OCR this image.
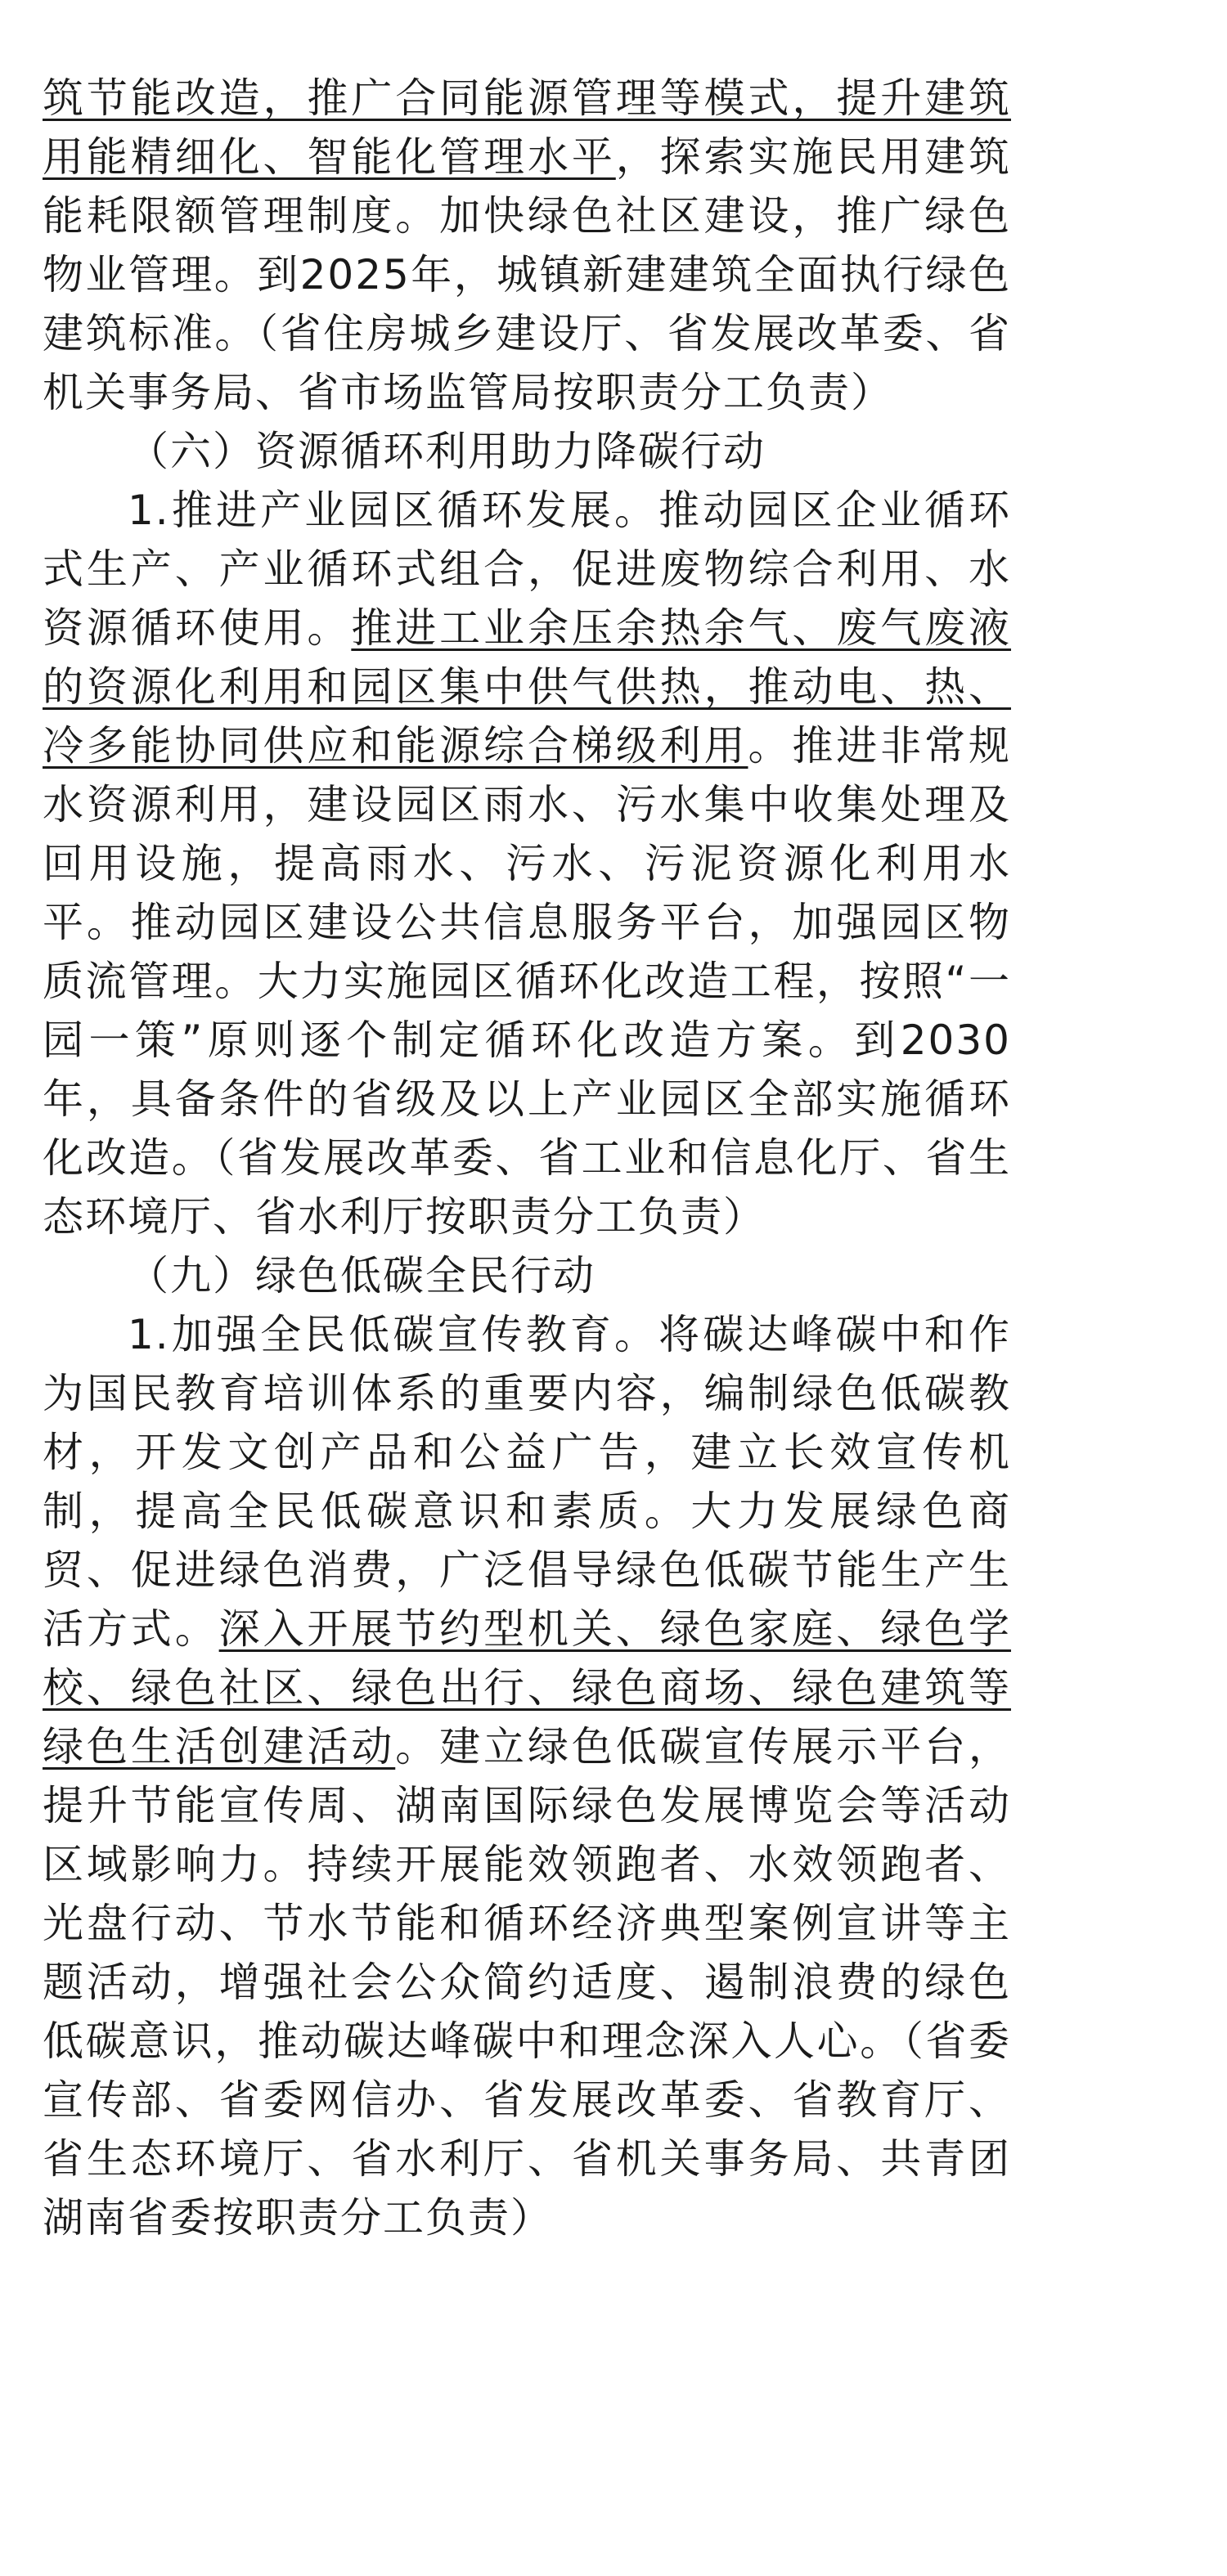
筑节能改造，推广合同能源管理等模式，提升建筑用能精细化、智能化管理水平，探索实施民用建筑能耗限额管理制度。加快绿色社区建设，推广绿色物业管理。到2025年，城镇新建建筑全面执行绿色建筑标准。（省住房城乡建设厅、省发展改革委、省机关事务局、省市场监管局按职责分工负责）

（六）资源循环利用助力降碳行动

1.推进产业园区循环发展。推动园区企业循环式生产、产业循环式组合，促进废物综合利用、水资源循环使用。推进工业余压余热余气、废气废液的资源化利用和园区集中供气供热，推动电、热、冷多能协同供应和能源综合梯级利用。推进非常规水资源利用，建设园区雨水、污水集中收集处理及回用设施，提高雨水、污水、污泥资源化利用水平。推动园区建设公共信息服务平台，加强园区物质流管理。大力实施园区循环化改造工程，按照“一园一策”原则逐个制定循环化改造方案。到2030年，具备条件的省级及以上产业园区全部实施循环化改造。（省发展改革委、省工业和信息化厅、省生态环境厅、省水利厅按职责分工负责）

（九）绿色低碳全民行动

1.加强全民低碳宣传教育。将碳达峰碳中和作为国民教育培训体系的重要内容，编制绿色低碳教材，开发文创产品和公益广告，建立长效宣传机制，提高全民低碳意识和素质。大力发展绿色商贸、促进绿色消费，广泛倡导绿色低碳节能生产生活方式。深入开展节约型机关、绿色家庭、绿色学校、绿色社区、绿色出行、绿色商场、绿色建筑等绿色生活创建活动。建立绿色低碳宣传展示平台，提升节能宣传周、湖南国际绿色发展博览会等活动区域影响力。持续开展能效领跑者、水效领跑者、光盘行动、节水节能和循环经济典型案例宣讲等主题活动，增强社会公众简约适度、遏制浪费的绿色低碳意识，推动碳达峰碳中和理念深入人心。（省委宣传部、省委网信办、省发展改革委、省教育厅、省生态环境厅、省水利厅、省机关事务局、共青团湖南省委按职责分工负责）
